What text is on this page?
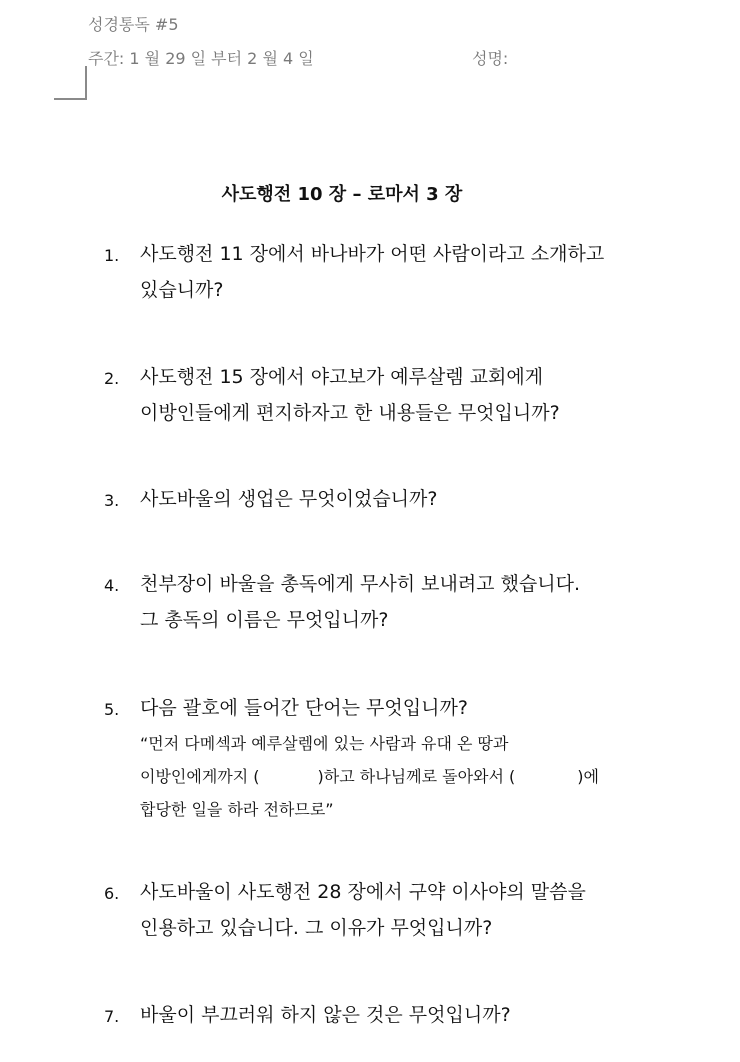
성경통독 #5
주간: 1 월 29 일 부터 2 월 4 일	성명:
사도행전 10 장 – 로마서 3 장
1. 사도행전 11 장에서 바나바가 어떤 사람이라고 소개하고
있습니까?
2. 사도행전 15 장에서 야고보가 예루살렘 교회에게
이방인들에게 편지하자고 한 내용들은 무엇입니까?
3. 사도바울의 생업은 무엇이었습니까?
4. 천부장이 바울을 총독에게 무사히 보내려고 했습니다.
그 총독의 이름은 무엇입니까?
5. 다음 괄호에 들어간 단어는 무엇입니까?
“먼저 다메섹과 예루살렘에 있는 사람과 유대 온 땅과
이방인에게까지 (	)하고 하나님께로 돌아와서 (	)에
합당한 일을 하라 전하므로”
6. 사도바울이 사도행전 28 장에서 구약 이사야의 말씀을
인용하고 있습니다. 그 이유가 무엇입니까?
7. 바울이 부끄러워 하지 않은 것은 무엇입니까?
